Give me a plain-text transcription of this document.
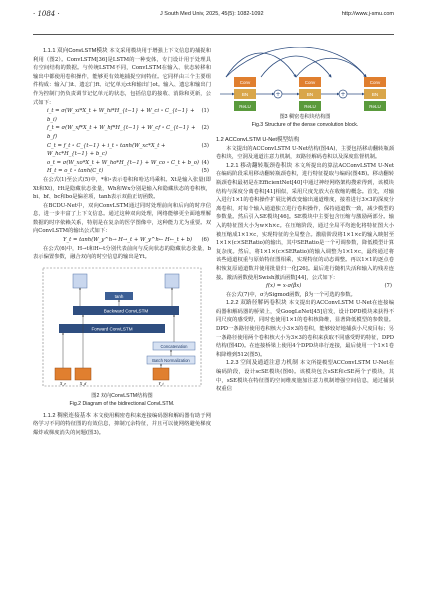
· 1084 ·	J South Med Univ, 2025, 45(5): 1082-1092	http://www.j-smu.com

1.1.1 双向ConvLSTM模块 本文采用模块用于增强上下文信息的捕捉和利用（图2）。ConvLSTM[36]是LSTM的一种变体，专门设计用于处理具有空间结构的数据。与传统LSTM不同，ConvLSTM在输入、状态转移和输出中都使用卷积操作，能够更有效地捕捉空间特征。它同样由三个主要组件构成：输入门it、遗忘门ft、记忆单元ct和输出门ot。输入、遗忘和输出门作为控制门仍负责调节记忆单元的状态，包括信息的接收、消除和更新，公式如下：

i_t = σ(W_xi*X_t + W_hi*H_{t−1} + W_ci ∘ C_{t−1} + b_i)
(1)
f_t = σ(W_xf*X_t + W_hf*H_{t−1} + W_cf ∘ C_{t−1} + b_f)
(2)
C_t = f_t ∘ C_{t−1} + i_t ∘ tanh(W_xc*X_t + W_hc*H_{t−1} + b_c)
(3)
o_t = σ(W_xo*X_t + W_ho*H_{t−1} + W_co ∘ C_t + b_o) (4)
H_t = o_t ∘ tanh(C_t)	(5)

在公式(1)至公式(5)中，*和∘表示卷积和哈达玛乘积。Xt是输入张量(即Xt和Xt)，Ht是隐藏状态张量，Wh和Wx分别是输入和隐藏状态的卷积核，bi、bf、bc和bo是偏差项，tanh表示双曲正切函数。

在BCDU-Net中，双向ConvLSTM通过同时处理前向和后向的时序信息，进一步丰富了上下文信息。通过这种双向处理，网络能够更全面地理解数据的时序依赖关系，特别是在复杂的医学图像中，这种能力尤为重要。双向ConvLSTM的输出公式如下：

Y_t = tanh(W_y^h→ H→_t + W_y^h← H←_t + b) (6)

在公式(6)中，H→t和H←t分别代表前向与反向状态的隐藏状态张量，b表示偏置参数，融合双向的时空信息的输出是Yt。

tanh
Backward ConvLSTM
Forward ConvLSTM
Concatenation
Batch Normalization
X_e	X_d	Y_t

图2 双向ConvLSTM结构图

Fig.2 Diagram of the bidirectional ConvLSTM.

1.1.2 稠密连接基本 本文使用稠密卷积来连接编码器和解码器有助于网络学习不同的特征图的有效信息，抑制冗余特征，并且可以使网络避免梯度爆炸或梯度消失的问题(图3)。

Conv
BN
ReLU
Conv
BN
ReLU
Conv
BN
ReLU
+	+

图3 稠密卷积块结构图

Fig.3 Structure of the dense convolution block.

1.2 ACConvLSTM U-Net模型结构

本文提出的ACConvLSTM U-Net结构(图4A)，主要包括移动翻转瓶颈卷积块，空洞及通道注意力机制，双路径解码卷积以及深度监督机制。

1.2.1 移动翻转瓶颈卷积块 本文所提出的算法ACConvLSTM U-Net在编码阶段采用移动翻转瓶颈卷积，进行特征提取与编码(图4B)。移动翻转瓶颈卷积最初是在EfficientNet[40]中通过神经网络架构搜索得到，该模块结构与深度分离卷积[41]相似，采用尺度先放大在收缩的概念。首先，对输入进行1×1的卷积操作扩展比例改变输出通道维度，接着进行3×3的深度分离卷积，对每个输入通道独立进行卷积操作，保持通道数一致，减少模型的参数量。然后引入SE模块[46]。SE模块中主要包含压缩与激励两部分。输入的特征图大小为w×h×c。在压缩阶段，通过全局平均池化将特征图大小被压缩成1×1×c，实现特征的全局整合。激励阶段将1×1×c的输入映射至1×1×(c×SERatio)的输出，其中SERatio是一个可调参数，降低模型计算复杂度。然后，将1×1×(c×SERatio)的输入调整为1×1×c，最终通过将该些通道权重与原始特征图相乘，实现特征的动态调整。再以1×1的逐点卷积恢复原通道数并使用批量归一化[26]。最后进行随机失活和输入的残差连接。激活函数使用Swish激活函数[44]，公式如下：

f(x) = x·σ(βx)	(7)

在公式(7)中，σ为Sigmod函数，β为一个可选的参数。

1.2.2 双路径解码卷积块 本文提出的ACConvLSTM U-Net在连接编码器和解码器的桥梁上，受GoogLeNet[45]启发，设计DPD模块来获得不同尺度的感受野，同时也使用1×1的卷积核降维，显著降低模型的参数量。DPD一条路径使用卷积核大小3×3的卷积，能够较好地捕获小尺度目标；另一条路径使用两个卷积核大小为3×3的卷积来获取不同感受野的特征，DPD结构(图4D)。在连接桥梁上使用4个DPD块串行连接，最后使用一个1×1卷积降维到512(图5)。

1.2.3 空间及通道注意力机制 本文所提模型ACConvLSTM U-Net在编码阶段，设计scSE模块(图6)。该模块包含sSE和cSE两个子模块，其中，sSE模块在特征图的空间维度施加注意力机制增强空间信息，通过捕获权重信
